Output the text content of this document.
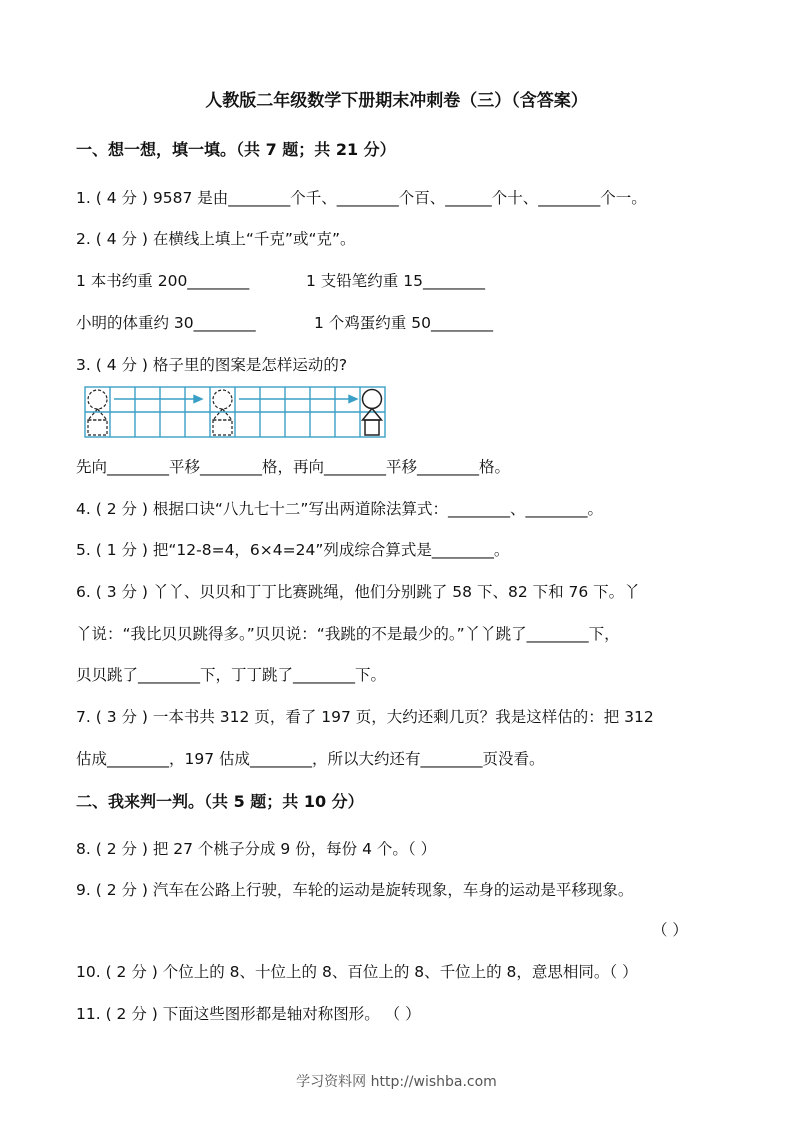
人教版二年级数学下册期末冲刺卷（三）（含答案）
一、想一想，填一填。（共 7 题；共 21 分）
1. ( 4 分 ) 9587 是由________个千、________个百、______个十、________个一。
2. ( 4 分 ) 在横线上填上“千克”或“克”。
1 本书约重 200________	1 支铅笔约重 15________
小明的体重约 30________	1 个鸡蛋约重 50________
3. ( 4 分 ) 格子里的图案是怎样运动的?
先向________平移________格，再向________平移________格。
4. ( 2 分 ) 根据口诀“八九七十二”写出两道除法算式：________、________。
5. ( 1 分 ) 把“12-8=4，6×4=24”列成综合算式是________。
6. ( 3 分 ) 丫丫、贝贝和丁丁比赛跳绳，他们分别跳了 58 下、82 下和 76 下。丫
丫说：“我比贝贝跳得多。”贝贝说：“我跳的不是最少的。”丫丫跳了________下，
贝贝跳了________下，丁丁跳了________下。
7. ( 3 分 ) 一本书共 312 页，看了 197 页，大约还剩几页？我是这样估的：把 312
估成________，197 估成________，所以大约还有________页没看。
二、我来判一判。（共 5 题；共 10 分）
8. ( 2 分 ) 把 27 个桃子分成 9 份，每份 4 个。（ ）
9. ( 2 分 ) 汽车在公路上行驶，车轮的运动是旋转现象，车身的运动是平移现象。
（ ）
10. ( 2 分 ) 个位上的 8、十位上的 8、百位上的 8、千位上的 8，意思相同。（ ）
11. ( 2 分 ) 下面这些图形都是轴对称图形。 （ ）
学习资料网 http://wishba.com
